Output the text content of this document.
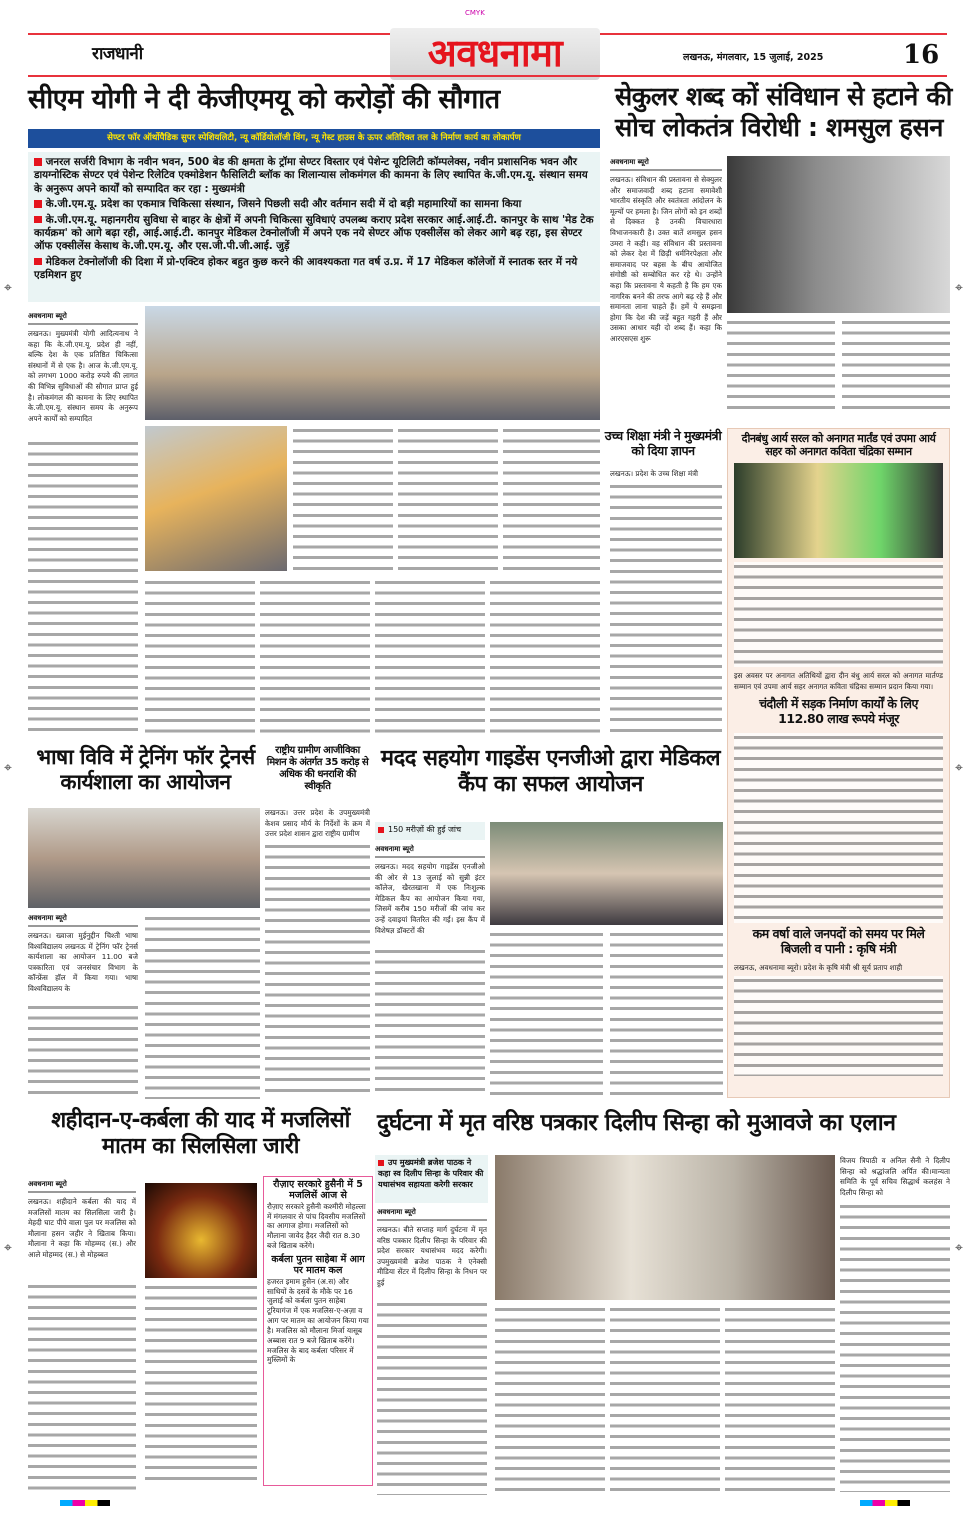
CMYK
राजधानी	अवधनामा	लखनऊ, मंगलवार, 15 जुलाई, 2025	16
सीएम योगी ने दी केजीएमयू को करोड़ों की सौगात
सेण्टर फॉर ऑर्थोपैडिक सुपर स्पेशियलिटी, न्यू कॉर्डियोलॉजी विंग, न्यू गेस्ट हाउस के ऊपर अतिरिक्त तल के निर्माण कार्य का लोकार्पण
जनरल सर्जरी विभाग के नवीन भवन, 500 बेड की क्षमता के ट्रॉमा सेण्टर विस्तार एवं पेशेन्ट यूटिलिटी कॉम्पलेक्स, नवीन प्रशासनिक भवन और डायग्नोस्टिक सेण्टर एवं पेशेन्ट रिलेटिव एक्मोडेशन फैसिलिटी ब्लॉक का शिलान्यास लोकमंगल की कामना के लिए स्थापित के.जी.एम.यू. संस्थान समय के अनुरूप अपने कार्यों को सम्पादित कर रहा : मुख्यमंत्री
के.जी.एम.यू. प्रदेश का एकमात्र चिकित्सा संस्थान, जिसने पिछली सदी और वर्तमान सदी में दो बड़ी महामारियों का सामना किया
के.जी.एम.यू. महानगरीय सुविधा से बाहर के क्षेत्रों में अपनी चिकित्सा सुविधाएं उपलब्ध कराए प्रदेश सरकार आई.आई.टी. कानपुर के साथ 'मेड टेक कार्यक्रम' को आगे बढ़ा रही, आई.आई.टी. कानपुर मेडिकल टेक्नोलॉजी में अपने एक नये सेण्टर ऑफ एक्सीलेंस को लेकर आगे बढ़ रहा, इस सेण्टर ऑफ एक्सीलेंस केसाथ के.जी.एम.यू. और एस.जी.पी.जी.आई. जुड़ें
मेडिकल टेक्नोलॉजी की दिशा में प्रो-एक्टिव होकर बहुत कुछ करने की आवश्यकता गत वर्ष उ.प्र. में 17 मेडिकल कॉलेजों में स्नातक स्तर में नये एडमिशन हुए
अवधनामा ब्यूरो
लखनऊ। मुख्यमंत्री योगी आदित्यनाथ ने कहा कि के.जी.एम.यू. प्रदेश ही नहीं, बल्कि देश के एक प्रतिष्ठित चिकित्सा संस्थानों में से एक है। आज के.जी.एम.यू. को लगभग 1000 करोड़ रुपये की लागत की विभिन्न सुविधाओं की सौगात प्राप्त हुई है। लोकमंगल की कामना के लिए स्थापित के.जी.एम.यू. संस्थान समय के अनुरूप अपने कार्यों को सम्पादित
सेकुलर शब्द कों संविधान से हटाने की सोच लोकतंत्र विरोधी : शमसुल हसन
अवधनामा ब्यूरो
लखनऊ। संविधान की प्रस्तावना से सेक्युलर और समाजवादी शब्द हटाना समावेशी भारतीय संस्कृति और स्वतंत्रता आंदोलन के मूल्यों पर हमला है। जिन लोगों को इन शब्दों से दिक्कत है उनकी विचारधारा विभाजनकारी है। उक्त बातें शमसुल हसन उमरा ने कही। वह संविधान की प्रस्तावना को लेकर देश में छिड़ी धर्मनिरपेक्षता और समाजवाद पर बहस के बीच आयोजित संगोष्ठी को सम्बोधित कर रहे थे। उन्होंने कहा कि प्रस्तावना ये कहती है कि हम एक नागरिक बनने की तरफ आगे बढ़ रहे हैं और समानता लाना चाहते हैं। हमें ये समझना होगा कि देश की जड़ें बहुत गहरी हैं और उसका आधार यही दो शब्द हैं। कहा कि आरएसएस शुरू
उच्च शिक्षा मंत्री ने मुख्यमंत्री को दिया ज्ञापन
लखनऊ। प्रदेश के उच्च शिक्षा मंत्री
दीनबंधु आर्य सरल को अनागत मार्तंड एवं उपमा आर्य सहर को अनागत कविता चंद्रिका सम्मान
इस अवसर पर अनागत अतिथियों द्वारा दीन बंधु आर्य सरल को अनागत मार्तण्ड सम्मान एवं उपमा आर्य सहर अनागत कविता चंद्रिका सम्मान प्रदान किया गया।
चंदौली में सड़क निर्माण कार्यों के लिए 112.80 लाख रूपये मंजूर
कम वर्षा वाले जनपदों को समय पर मिले बिजली व पानी : कृषि मंत्री
लखनऊ, अवधनामा ब्यूरो। प्रदेश के कृषि मंत्री श्री सूर्य प्रताप शाही
भाषा विवि में ट्रेनिंग फॉर ट्रेनर्स कार्यशाला का आयोजन
अवधनामा ब्यूरो
लखनऊ। ख्वाजा मुईनुद्दीन चिश्ती भाषा विश्वविद्यालय लखनऊ में ट्रेनिंग फॉर ट्रेनर्स कार्यशाला का आयोजन 11.00 बजे पत्रकारिता एवं जनसंचार विभाग के कॉन्फ्रेंस हॉल में किया गया। भाषा विश्वविद्यालय के
राष्ट्रीय ग्रामीण आजीविका मिशन के अंतर्गत 35 करोड़ से अधिक की धनराशि की स्वीकृति
लखनऊ। उत्तर प्रदेश के उपमुख्यमंत्री केशव प्रसाद मौर्य के निर्देशों के क्रम में उत्तर प्रदेश शासन द्वारा राष्ट्रीय ग्रामीण
मदद सहयोग गाइडेंस एनजीओ द्वारा मेडिकल कैंप का सफल आयोजन
150 मरीज़ों की हुई जांच
अवधनामा ब्यूरो
लखनऊ। मदद सहयोग गाइडेंस एनजीओ की ओर से 13 जुलाई को सुन्नी इंटर कॉलेज, खैरतखाना में एक निःशुल्क मेडिकल कैंप का आयोजन किया गया, जिसमें करीब 150 मरीजों की जांच कर उन्हें दवाइयां वितरित की गईं। इस कैंप में विशेषज्ञ डॉक्टरों की
शहीदान-ए-कर्बला की याद में मजलिसों मातम का सिलसिला जारी
अवधनामा ब्यूरो
लखनऊ। शहीदाने कर्बला की याद में मजलिसों मातम का सिलसिला जारी है। मेहदी घाट पीपे वाला पुल पर मजलिस को मौलाना हसन जहीर ने खिताब किया। मौलाना ने कहा कि मोहम्मद (स.) और आले मोहम्मद (स.) से मोहब्बत
रौज़ाए सरकारे हुसैनी में 5 मजलिसें आज से
रौज़ाए सरकारे हुसैनी कश्मीरी मोहल्ला में मंगलवार से पांच दिवसीय मजलिसों का आगाज होगा। मजलिसों को मौलाना जावेद हैदर जैदी रात 8.30 बजे खिताब करेंगे।
कर्बला पुतन साहेबा में आग पर मातम कल
हजरत इमाम हुसैन (अ.स) और साथियों के दसवें के मौके पर 16 जुलाई को कर्बला पुतन साहेबा टूरियागंज में एक मजलिस-ए-अज़ा व आग पर मातम का आयोजन किया गया है। मजलिस को मौलाना मिर्जा यासूब अब्बास रात 9 बजे खिताब करेंगे। मजलिस के बाद कर्बला परिसर में मुस्लिमों के
दुर्घटना में मृत वरिष्ठ पत्रकार दिलीप सिन्हा को मुआवजे का एलान
उप मुख्यमंत्री ब्रजेश पाठक ने कहा स्व दिलीप सिन्हा के परिवार की यथासंभव सहायता करेगी सरकार
अवधनामा ब्यूरो
लखनऊ। बीते सप्ताह मार्ग दुर्घटना में मृत वरिष्ठ पत्रकार दिलीप सिन्हा के परिवार की प्रदेश सरकार यथासंभव मदद करेगी। उपमुख्यमंत्री ब्रजेश पाठक ने एनेक्सी मीडिया सेंटर में दिलीप सिन्हा के निधन पर हुई
विजय त्रिपाठी व अनिल सैनी ने दिलीप सिन्हा को श्रद्धांजलि अर्पित की।मान्यता समिति के पूर्व सचिव सिद्धार्थ कलहंस ने दिलीप सिन्हा को
⌖	⌖
⌖	⌖
⌖	⌖
